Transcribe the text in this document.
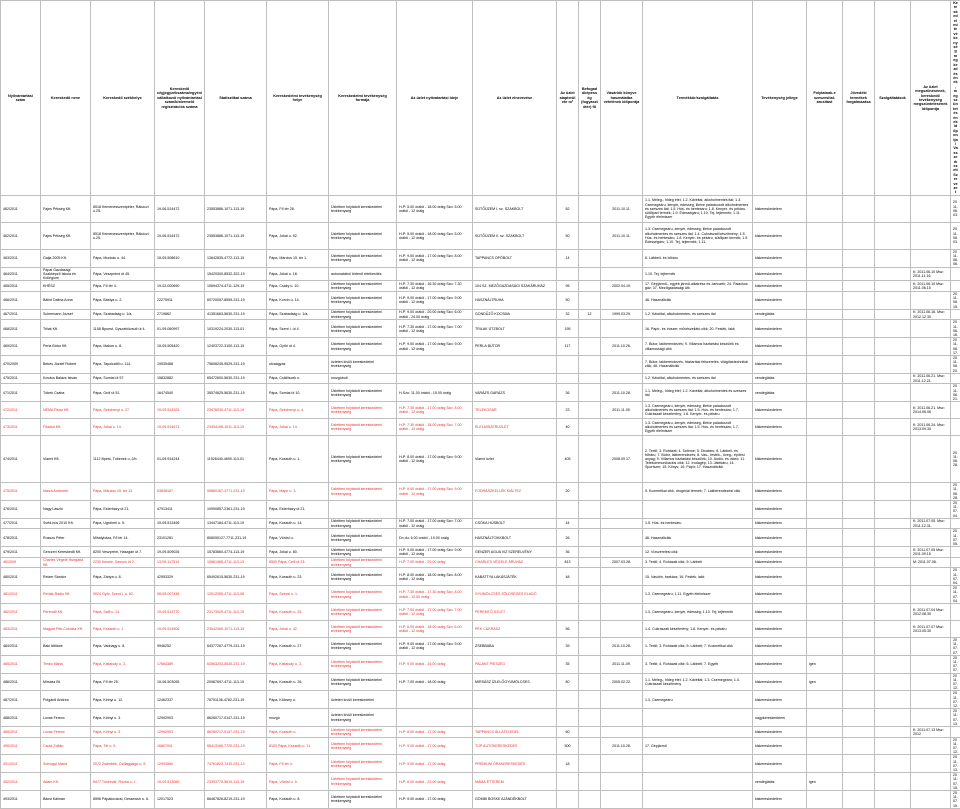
Nyilvántartási szám	Kereskedő neve	Kereskedő székhelye	Kereskedő cégjegyzékszáma/egyéni vállalkozói nyilvántartási szám/kistermelő regisztrációs száma	Statisztikai száma	Kereskedelmi tevékenység helye	Kereskedelmi tevékenység formája	Az üzlet nyitvatartási ideje	Az üzlet elnevezése	Az üzlet alapterülete m²	Befogadóképesség (fogyasztótér) fő	Vásárlók könyve használatba vételének időpontja	Termékkör/szolgáltatás	Tevékenység jellege	Folytatnak-e szeszesital-árusítást	Jövedéki termékek forgalmazása	Szolgáltatások	Az üzlet megszűnésének, kereskedő tevékenység megszüntetésének időpontja	Kereskedelmi tevékenység megkezdésének, megszüntetésének időpontja / Vasszerkezeti Szervezet
462/2011	Fajes Pékség Kft.	8518 Kemenesszentpéter, Rákóczi u.25.	19-06-514472	23553886-1071-113-19	Pápa, Fő tér 28.	Üzletben folytatott kereskedelmi tevékenység	H-P: 5.00 órától - 18.00 óráig Szo: 5.00 órától - 12 óráig	SÜTŐÜZEM I. sz. SZAKBOLT	82		2011.10.11.	1.1. Meleg-, hideg étel; 1.2. Kávéital, alkoholmentes ital; 1.3. Csemegeáru, kenyér, édesség, illetve palackozott alkoholmentes és szeszes ital; 1.5. Hús- és hentesáru; 1.8. Kenyér- és pékáru, sütőipari termék; 1.9. Édességáru; 1.10. Tej, tejtermék; 1.11. Egyéb élelmiszer	kiskereskedelem					2011.06.03.
462/2011	Fajes Pékség Kft.	8518 Kemenesszentpéter, Rákóczi u.25.	19-06-514472	23553886-1071-113-19	Pápa, Jókai u. 92.	Üzletben folytatott kereskedelmi tevékenység	H-P: 5.00 órától - 18.00 óráig Szo: 5.00 órától - 12 óráig	SÜTŐÜZEM II. sz. SZAKBOLT	50		2011.10.11.	1.3. Csemegeáru, kenyér, édesség, illetve palackozott alkoholmentes és szeszes ital; 1.4. Cukrászati készítmény; 1.5. Hús- és hentesáru; 1.8. Kenyér- és pékáru, sütőipari termék; 1.9. Édességáru; 1.10. Tej, tejtermék; 1.11.	kiskereskedelem					2011.06.03.
463/2011	Gaija 2005 Kft.	Pápa, Munkás u. 44.	19-09-508610	13642835-4772-113-19	Pápa, Március 15. tér 1.	Üzletben folytatott kereskedelmi tevékenység	H-P: 9.00 órától - 17.00 óráig Szo: 8.00 órától - 12 óráig	TAPPANCS OPÓBOLT	14			6. Lábbeli- és bőráru	kiskereskedelem					2011.06.06.
464/2011	Pápai Gazdasági Szakképző Iskola és Kollégium	Pápa, Veszprémi út 45.		15429300-8532-322-19	Pápa, Jókai u. 18.	automatából történő értékesítés						1.10. Tej, tejtermék	kiskereskedelem				K: 2011.06.10 Msz: 2011.11.16	
465/2011	KHÉSZ	Pápa, Fő tér 4.	19-02-000690	10694374-4711-129-19	Pápa, Csáky u. 10.	Üzletben folytatott kereskedelmi tevékenység	H-P: 7.30 órától - 16.30 óráig Szo: 7.30 órától - 12 óráig	104.SZ. MEZŐGAZDASÁGI SZAKÁRUHÁZ	95		2002.04.19.	17. Gépjármű-, egyéb jármű-alkatrész és -tartozék; 24. Palackos gáz; 37. Mezőgazdasági ütk	kiskereskedelem				K: 2011.06.10 Msz: 2011.06.15	
466/2011	Bálint Dalma Anna	Pápa, Bástya u. 2.	22275911	60720057-8559-231-19	Pápa, Korvin u. 14.	Üzletben folytatott kereskedelmi tevékenység	H-P: 9.00 órától - 17.00 óráig Szo: 9.00 órától - 12 óráig	HASZNÁLTRUHA	50			46. Használtcikk	kiskereskedelem					2011.06.15.
467/2011	Schermann József	Pápa, Szabadság u. 1/a.	2719862	41351663-5630-231-19	Pápa, Szabadság u. 1/a.	Üzletben folytatott kereskedelmi tevékenység	H-P: 9.00 órától - 20.00 óráig Szo: 6.00 órától - 24.00 óráig	GONDŰZŐ KOCSMA	32	12	1999.03.29.	1.2. Kávéital, alkoholmentes- és szeszes ital	vendéglátás				K: 2011.06.16. Msz: 2012.12.30	
468/2011	Trilak Kft.	1158 Bpuest, Gyszárközsúti út 4.	01-09-060997	10319224-2030-113-01	Pápa, Szent I. út 4.	Üzletben folytatott kereskedelmi tevékenység	H-P: 7.30 órától - 17.00 óráig Szo: 7.00 órától - 12 óráig	TRILAK ÜTZBOLT	195			16. Papír- és írószer, művészellátó cikk; 20. Festék, lakk	kiskereskedelem					2011.06.16.
469/2011	Perla Bútor Kft.	Pápa, Malom u. 8.	19-09-505420	12403722-3100-113-19	Pápa, Győri út 4.	Üzletben folytatott kereskedelmi tevékenység	H-P: 9.00 órától - 17.00 óráig Szo: 9.00 órától - 12 óráig	PERLA BÚTOR	117		2011.10.26.	7. Bútor, lakberendezés; 9. Villamos háztartási készülék és villamossági cikk	kiskereskedelem					2011.06.17.
470/2009	Bekes József Róbert	Pápa, Tapolcafői u. 114.	19535488	75608245-9529-231-19	utcaágyas	üzleten kívüli kereskedelmi tevékenység						7. Bútor, lakberendezés, háztartási felszerelés, világítástechnikai cikk; 46. Használtcikk	kiskereskedelem					2011.06.20.
475/2011	Kovács Balázs István	Pápa, Somlai út 97.	15832882	65472600-5630-231-19	Pápa, Csikiliscek u.	mozgóbolt						1.2. Kávéital, alkoholmentes- és szeszes ital	vendéglátás				K: 2011.06.21. Msz: 2011.12.21.	
471/2011	Tóbek Csaba	Pápa, Gróf út 51.	16474540	35574625-5630-231-19	Pápa, Somlai út 10.	Üzletben folytatott kereskedelmi tevékenység	H-Szo: 11.00 órától - 15.00 óráig	VARÁZS GARÁZS	36		2011.10.28.	1.1. Meleg-, hideg étel; 1.2. Kávéital, alkoholmentes és szeszes ital	vendéglátás					2011.06.21.
472/2011	NÉMA Plusz Kft.	Pápa, Széchenyi u. 27.	19-09-514325	23476030-4711-113-19	Pápa, Széchenyi u. 4.	Üzletben folytatott kereskedelmi tevékenység	H-P: 7.30 órától - 17.00 óráig Szo: 8.00 órától - 12 óráig	TELEKOSÁR	23		2011.11.09.	1.3. Csemegeáru, kenyér, édesség, illetve palackozott alkoholmentes és szeszes ital; 1.5. Hús- és hentesáru; 1.7. Cukrászati készítmény; 1.8. Kenyér- és pékáru	kiskereskedelem				K: 2011.06.21. Msz: 2014.06.06	
473/2011	Fikarkó Kft.	Pápa, Jókai u. 14.	19-09-514671	23454198-1011-113-19	Pápa, Jókai u. 14.	Üzletben folytatott kereskedelmi tevékenység	H-P: 7.30 órától - 18.00 óráig Szo: 7.00 órától - 13 óráig	ÉLELMISZERÜZLET	40			1.3. Csemegeáru, kenyér, édesség, illetve palackozott alkoholmentes és szeszes ital; 1.5. Hús- és hentesáru; 1.7. Egyéb élelmiszer	kiskereskedelem				K: 2011.06.24. Msz: 2013.09.30	
474/2011	Viarmi Kft.	1112 Bpest, Tóbenek u. 2/b.	01-09-914244	11526440-4690-113-01	Pápa, Kossuth u. 1.	Üzletben folytatott kereskedelmi tevékenység	H-P: 8.00 órától - 17.00 óráig Szo: 9.00 órától - 12 óráig	Viarmi üzlet	405		2008.09.17.	2. Textil; 3. Ruházat; 4. Szőrme; 5. Divatáru; 6. Lábbeli- és bőráru; 7. Bútor, lakberendezés; 8. Vas-, festék-, üveg-, építési anyag; 9. Villamos háztartási készülék; 10. Audió- és videó; 11. Telekommunikációs cikk; 12. Irodagép; 13. Játékáru; 14. Sportszer; 15. Könyv; 16. Papír; 17. Használtcikk	kiskereskedelem					2011.06.28.
475/2011	Narza Andormé	Pápa, Március 15. tér 13.	53846167	59860167-4771-231-19	Pápa, Major u. 3.	Üzletben folytatott kereskedelmi tevékenység	H-P: 9.00 órától - 17.00 óráig Szo: 9.00 órától - 12 óráig	FODRÁSZKELLÉK KIÁLTEZ	20			5. Kozmetikai cikk, drogériai termék; 7. Lakberendezési cikk	kiskereskedelem					2011.06.28.
476/2011	Nagy László	Pápa, Esterházy út 21.	47913411	10990857-2361-231-19	Pápa, Esterházy út 21.								kiskereskedelem					2011.07.04.
477/2011	Svéd-hús 2010 Kft.	Pápa, Ugróheti u. 5.	19-09-513496	13447184-4711-113-19	Pápa, Kossuth u. 14.	Üzletben folytatott kereskedelmi tevékenység	H-P: 7.00 órától - 17.00 óráig Szo: 7.00 órától - 12 óráig	CSÓKA HÚSBOLT	44			1.5. Hús- és hentesáru	kiskereskedelem				K: 2011.07.05. Msz: 2011.12.31.	
478/2011	Russzu Péter	Mihályháza, Fő tér 14.	23101281	808090127-7711-231-19	Pápa, Vörösl u.	Üzletben folytatott kereskedelmi tevékenység	Dn du: 6.00 órától - 19.00 óráig	HASZNÁLTCIKKBOLT	26			46. Használtcikk	kiskereskedelem					2011.07.05.
479/2011	Gerczeri Kereskedő Kft.	8200 Veszprém, Haszgán út 7.	19-09-509026	15783660-4774-113-19	Pápa, Jókai u. 80.	Üzletben folytatott kereskedelmi tevékenység	H-P: 9.00 órától - 17.00 óráig Szo: 9.00 órától - 12 óráig	GENZER AGUA VIZ SZERELVÉNY	36			12. Vízszerelési cikk	kiskereskedelem				K: 2011.07.05 Msz: 2011.09.15	
46/2009	Charles Végelé Hungária Kft.	2230 Kecele, Szuszó út 2.	13-09-117514	10661965-4711-113-13	8500 Pápa, Celli út 23.	Üzletben folytatott kereskedelmi tevékenység	H-P: 7.00 órától - 20.00 óráig	CHARLES VÉGELE ÁRUHÁZ	813		2007.03.28.	3. Textil; 4. Ruházati cikk; 5. Lábbeli	kiskereskedelem				M: 2011.07.08.	
480/2011	Reizer Sándor	Pápa, Zártya u. 8.	42953329	65492615-5630-231-19	Pápa, Kossuth u. 23.	Üzletben folytatott kereskedelmi tevékenység	H-P: 8.00 órától - 18.00 óráig Szo: 8.00 órától - 12 óráig	KABATTYA LAKÁSJÁTÉK	48			15. Vasútin, barkács; 16. Festék, lakk	kiskereskedelem					2011.07.04.
481/2011	Rehák-Rádio Kft.	9024 Győr, Szent I. u. 82.	08-09-007436	12012055-4711-113-08	Pápa, Szécsi u. 1.	Üzletben folytatott kereskedelmi tevékenység	H-P: 7.30 órától - 17.30 óráig Szo: 8.00 órától - 12.00 óráig	GYÜMÖLCSÉS ZÖLDSÉGES ELADÓ				1.3. Csemegeáru; 1.11. Egyéb élelmiszer	kiskereskedelem					2011.07.04.
482/2011	Peremtő Kft.	Pápa, Salfi u. 21.	19-09-513770	23173029-4711-113-19	Pápa, Kossuth u. 25.	Üzletben folytatott kereskedelmi tevékenység	H-P: 7.00 órától - 17.00 óráig Szo: 7.00 órától - 12 óráig	PEREMTŐ ÜZLET				1.3. Csemegeáru, kenyér, édesség; 1.10. Tej, tejtermék	kiskereskedelem				K: 2011.07.04 Msz: 2012.08.30	
483/2011	Magyar Pék-Cukrász Kft.	Pápa, Kossuth u. 1.	19-09-514506	23542060-1071-113-19	Pápa, Jókai u. 42.	Üzletben folytatott kereskedelmi tevékenység	H-P: 6.00 órától - 18.00 óráig Szo: 6.00 órától - 12 óráig	PÉK CUKRÁSZ	56			1.4. Cukrászati készítmény; 1.8. Kenyér- és pékáru	kiskereskedelem				K: 2011.07.07 Msz: 2013.05.30	
484/2011	Baki Attiláné	Pápa, Vadnagy u. 8.	9946252	64377267-4779-231-19	Pápa, Kossuth u. 27.	Üzletben folytatott kereskedelmi tevékenység	H-P: 9.00 órától - 17.00 óráig Szo: 9.00 órától - 12 óráig	ZSEBBABA	39		2011.10.28.	1. Textil; 3. Ruházati cikk; 5. Lábbeli; 7. Kozmetikai cikk	kiskereskedelem					2011.07.07.
485/2011	Tenkó Mária	Pápa, Kisfaludy u. 3.	17664389	63563203-5630-231-19	Pápa, Kisfaludy u. 3.	Üzletben folytatott kereskedelmi tevékenység	H-P: 9.00 órától - 16.00 óráig	PALÁNT PIESZÉG	35		2011.11.09.	3. Textil; 4. Ruházati cikk; 6. Lábbeli; 7. Egyéb	kiskereskedelem	igen				2011.07.07.
486/2011	Mirsász Bt.	Pápa, Fő tér 25.	19-06-503095	20987697-4711-113-19	Pápa, Kossuth u. 26.	Üzletben folytatott kereskedelmi tevékenység	H-P: 7.00 órától - 18.00 óráig	MIRSÁSZ ÍZLELŐGYÜMÖLCSES	80		2005.02.22.	1.1. Meleg-, hideg étel; 1.2. Kávéital; 1.3. Csemegeáru; 1.4. Cukrászati készítmény	kiskereskedelem	igen				2011.07.12.
487/2011	Polgárdi Andrea	Pápa, Kirinyi u. 12.	12462337	76751136-4782-231-19	Pápa, Kölcsey u.	üzleten kívüli kereskedelmi						1.3. Csemegeáru	kiskereskedelem					2011.07.12.
488/2011	Lovas Ferenc	Pápa, Kirinyi u. 3.	12992903	86260717-0147-231-19	mozgó	üzleten kívüli kereskedelmi tevékenység							nagykereskedelem					2011.07.13.
489/2011	Lovas Ferenc	Pápa, Kirinyi u. 3.	12992903	86260717-0147-231-19	Pápa, Kossuth u.	Üzletben folytatott kereskedelmi tevékenység	H-P: 8.00 órától - 17.00 óráig	TAPPANCS ÁLLATELEDEL	60				kiskereskedelem				K: 2011.07.13 Msz: 2012	
490/2011	Csuta Zoltán	Pápa, Tél u. 5.	16807911	65413169-7720-231-19	8100 Pápa, Kossuth u. 11.	Üzletben folytatott kereskedelmi tevékenység	H-P: 9.00 órától - 17.00 óráig	TOP AUTÓKERESKEDÉS	500		2011.10.28.	17. Gépjármű	kiskereskedelem					2011.07.12.
491/2011	Somogyi Mária	2072 Zsámbék, Csillaggalgó u. 5.	12993560	74761823-7410-231-13	Pápa, Fő tér 4.	Üzletben folytatott kereskedelmi tevékenység	H-P: 9.00 órától - 17.00 óráig	PRÉMIUM ÓRAKERESKEDÉS	18				kiskereskedelem					2011.07.13.
492/2011	Adam Kft.	8477 Tüskevár, Rózsa u. 1.	19-09-513069	23393779-5610-113-19	Pápa, Vörösl u. 9.	Üzletben folytatott kereskedelmi tevékenység	H-P: 6.00 órától - 22.00 óráig	MÁMA ÉTTEREM					vendéglátás	igen				2011.07.15.
493/2011	Bácsi Kálmán	8596 Pápakovácsi, Dessewsh u. 6.	12017523	66467826-8219-231-19	Pápa, Kossuth u. 8.	Üzletben folytatott kereskedelmi tevékenység	H-P: 9.00 órától - 17.00 óráig	GÖMBI BOSKE AJÁNDÉKBOLT					kiskereskedelem					2011.07.15.
